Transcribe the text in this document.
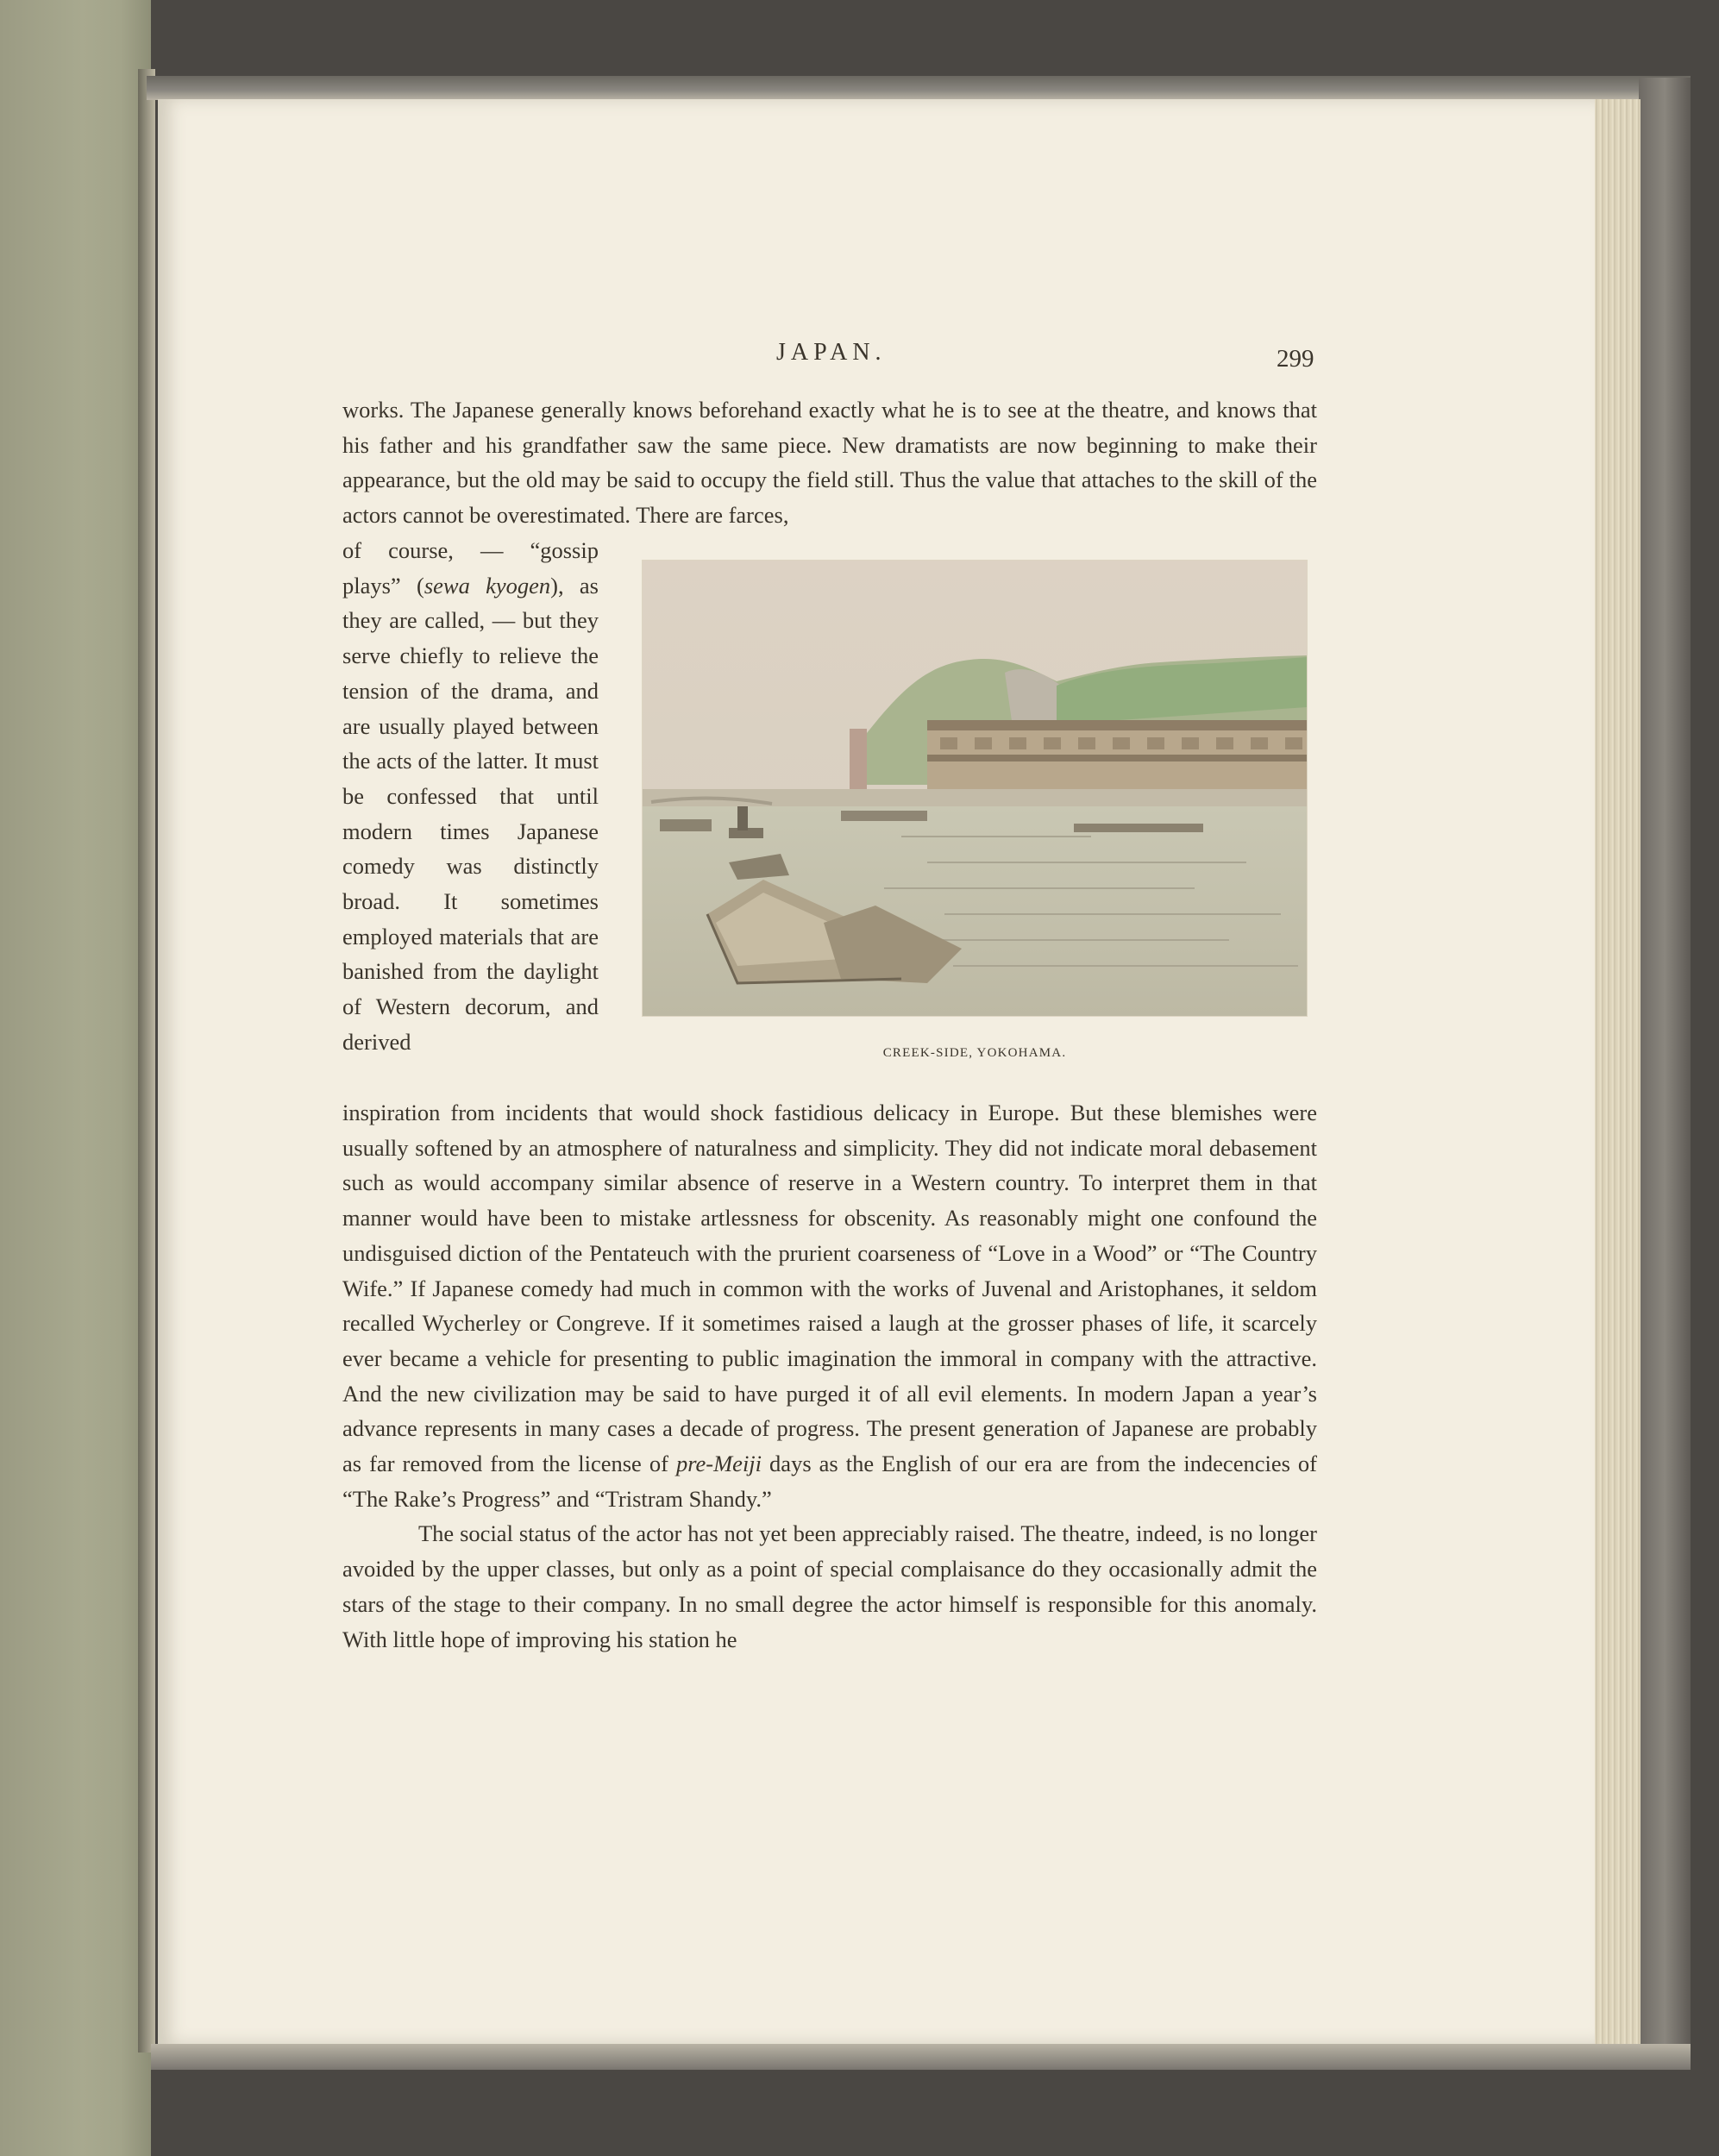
JAPAN.	299

works. The Japanese generally knows beforehand exactly what he is to see at the theatre, and knows that his father and his grandfather saw the same piece. New dramatists are now beginning to make their appearance, but the old may be said to occupy the field still. Thus the value that attaches to the skill of the actors cannot be overestimated. There are farces,

of course, — “gossip plays” (sewa kyogen), as they are called, — but they serve chiefly to relieve the tension of the drama, and are usually played between the acts of the latter. It must be confessed that until modern times Japanese comedy was distinctly broad. It sometimes employed materials that are banished from the daylight of Western decorum, and derived	CREEK-SIDE, YOKOHAMA.

inspiration from incidents that would shock fastidious delicacy in Europe. But these blemishes were usually softened by an atmosphere of naturalness and simplicity. They did not indicate moral debasement such as would accompany similar absence of reserve in a Western country. To interpret them in that manner would have been to mistake artlessness for obscenity. As reasonably might one confound the undisguised diction of the Pentateuch with the prurient coarseness of “Love in a Wood” or “The Country Wife.” If Japanese comedy had much in common with the works of Juvenal and Aristophanes, it seldom recalled Wycherley or Congreve. If it sometimes raised a laugh at the grosser phases of life, it scarcely ever became a vehicle for presenting to public imagination the immoral in company with the attractive. And the new civilization may be said to have purged it of all evil elements. In modern Japan a year’s advance represents in many cases a decade of progress. The present generation of Japanese are probably as far removed from the license of pre-Meiji days as the English of our era are from the indecencies of “The Rake’s Progress” and “Tristram Shandy.”

The social status of the actor has not yet been appreciably raised. The theatre, indeed, is no longer avoided by the upper classes, but only as a point of special complaisance do they occasionally admit the stars of the stage to their company. In no small degree the actor himself is responsible for this anomaly. With little hope of improving his station he
